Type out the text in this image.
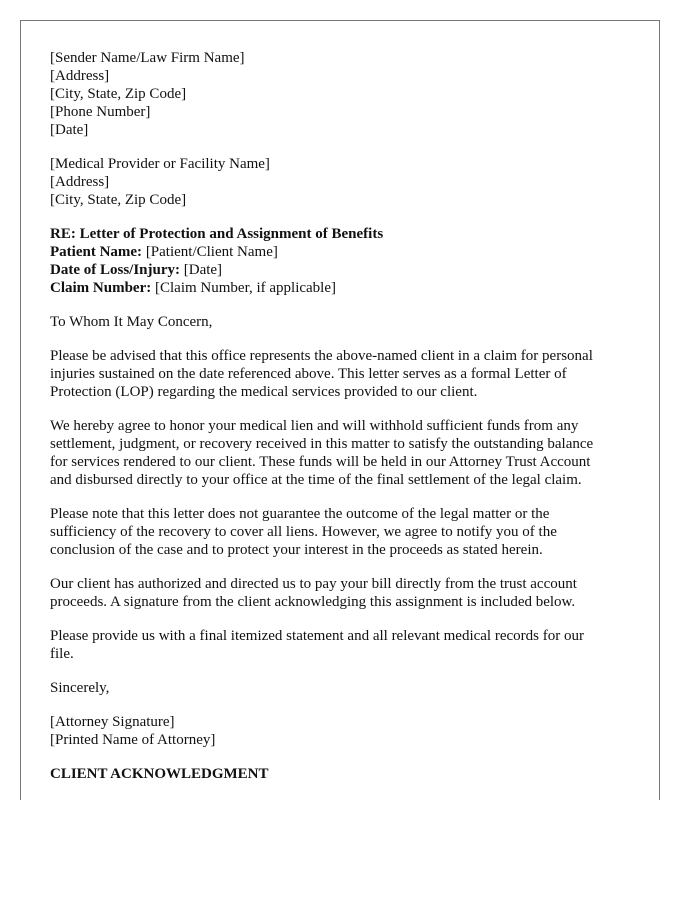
[Sender Name/Law Firm Name]
[Address]
[City, State, Zip Code]
[Phone Number]
[Date]
[Medical Provider or Facility Name]
[Address]
[City, State, Zip Code]
RE: Letter of Protection and Assignment of Benefits
Patient Name: [Patient/Client Name]
Date of Loss/Injury: [Date]
Claim Number: [Claim Number, if applicable]

To Whom It May Concern,

Please be advised that this office represents the above-named client in a claim for personal
injuries sustained on the date referenced above. This letter serves as a formal Letter of
Protection (LOP) regarding the medical services provided to our client.

We hereby agree to honor your medical lien and will withhold sufficient funds from any
settlement, judgment, or recovery received in this matter to satisfy the outstanding balance
for services rendered to our client. These funds will be held in our Attorney Trust Account
and disbursed directly to your office at the time of the final settlement of the legal claim.

Please note that this letter does not guarantee the outcome of the legal matter or the
sufficiency of the recovery to cover all liens. However, we agree to notify you of the
conclusion of the case and to protect your interest in the proceeds as stated herein.

Our client has authorized and directed us to pay your bill directly from the trust account
proceeds. A signature from the client acknowledging this assignment is included below.

Please provide us with a final itemized statement and all relevant medical records for our
file.

Sincerely,

[Attorney Signature]
[Printed Name of Attorney]
CLIENT ACKNOWLEDGMENT
